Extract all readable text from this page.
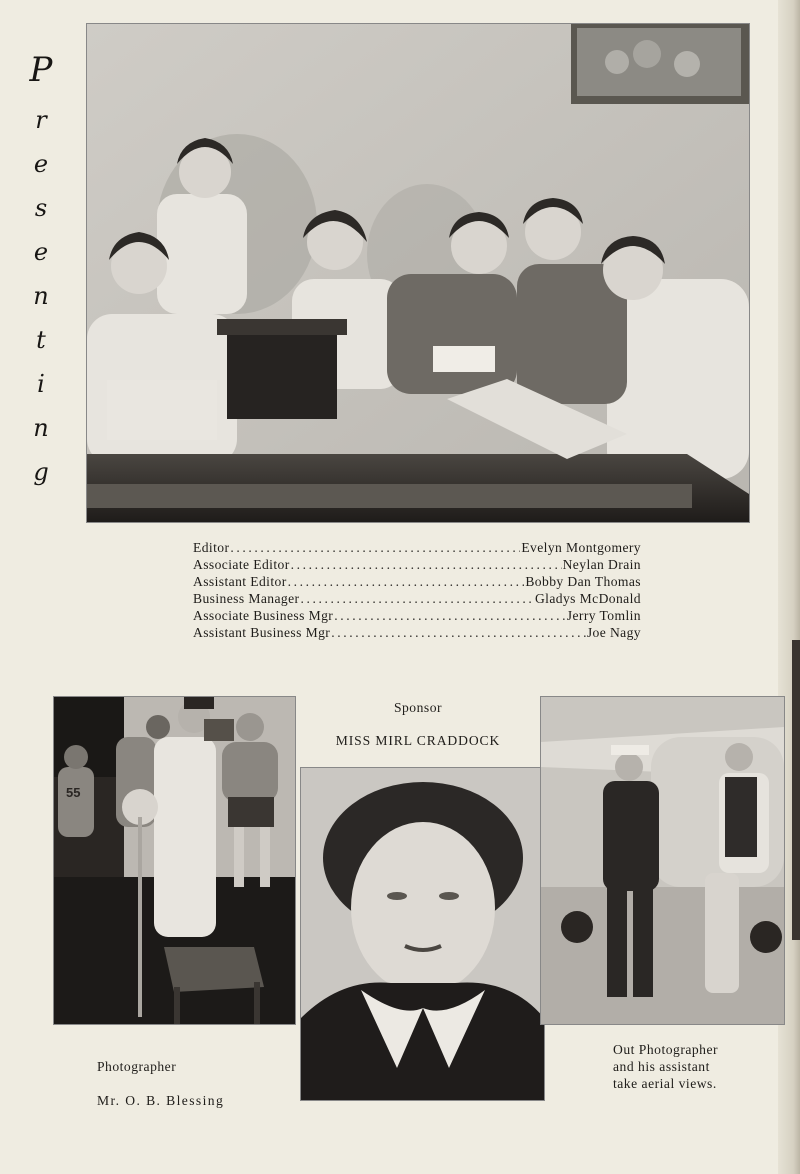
P
r
e
s
e
n
t
i
n
g
Editor .....	Evelyn Montgomery
Associate Editor .....	Neylan Drain
Assistant Editor .....	Bobby Dan Thomas
Business Manager .....	Gladys McDonald
Associate Business Mgr .....	Jerry Tomlin
Assistant Business Mgr .....	Joe Nagy
55
Sponsor
MISS MIRL CRADDOCK
Photographer
Mr. O. B. Blessing
Out Photographer
and his assistant
take aerial views.
